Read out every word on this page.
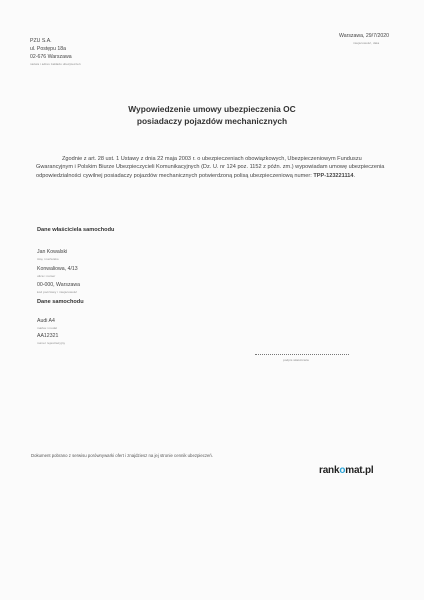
PZU S.A.
ul. Postępu 18a
02-676 Warszawa
nazwa i adres zakładu ubezpieczeń
Warszawa, 29/7/2020
miejscowość, data
Wypowiedzenie umowy ubezpieczenia OC
posiadaczy pojazdów mechanicznych
Zgodnie z art. 28 ust. 1 Ustawy z dnia 22 maja 2003 r. o ubezpieczeniach obowiązkowych, Ubezpieczeniowym Funduszu Gwarancyjnym i Polskim Biurze Ubezpieczycieli Komunikacyjnych (Dz. U. nr 124 poz. 1152 z późn. zm.) wypowiadam umowę ubezpieczenia odpowiedzialności cywilnej posiadaczy pojazdów mechanicznych potwierdzoną polisą ubezpieczeniową numer: TPP-123221114.
Dane właściciela samochodu
Jan Kowalski
imię i nazwisko
Konwaliowa, 4/13
ulica i numer
00-000, Warszawa
kod pocztowy i miejscowość
Dane samochodu
Audi A4
marka i model
AA12321
numer rejestracyjny
podpis właściciela
Dokument pobrano z serwisu porównywarki ofert i znajdziesz na jej stronie cennik ubezpieczeń.
rankomat.pl
